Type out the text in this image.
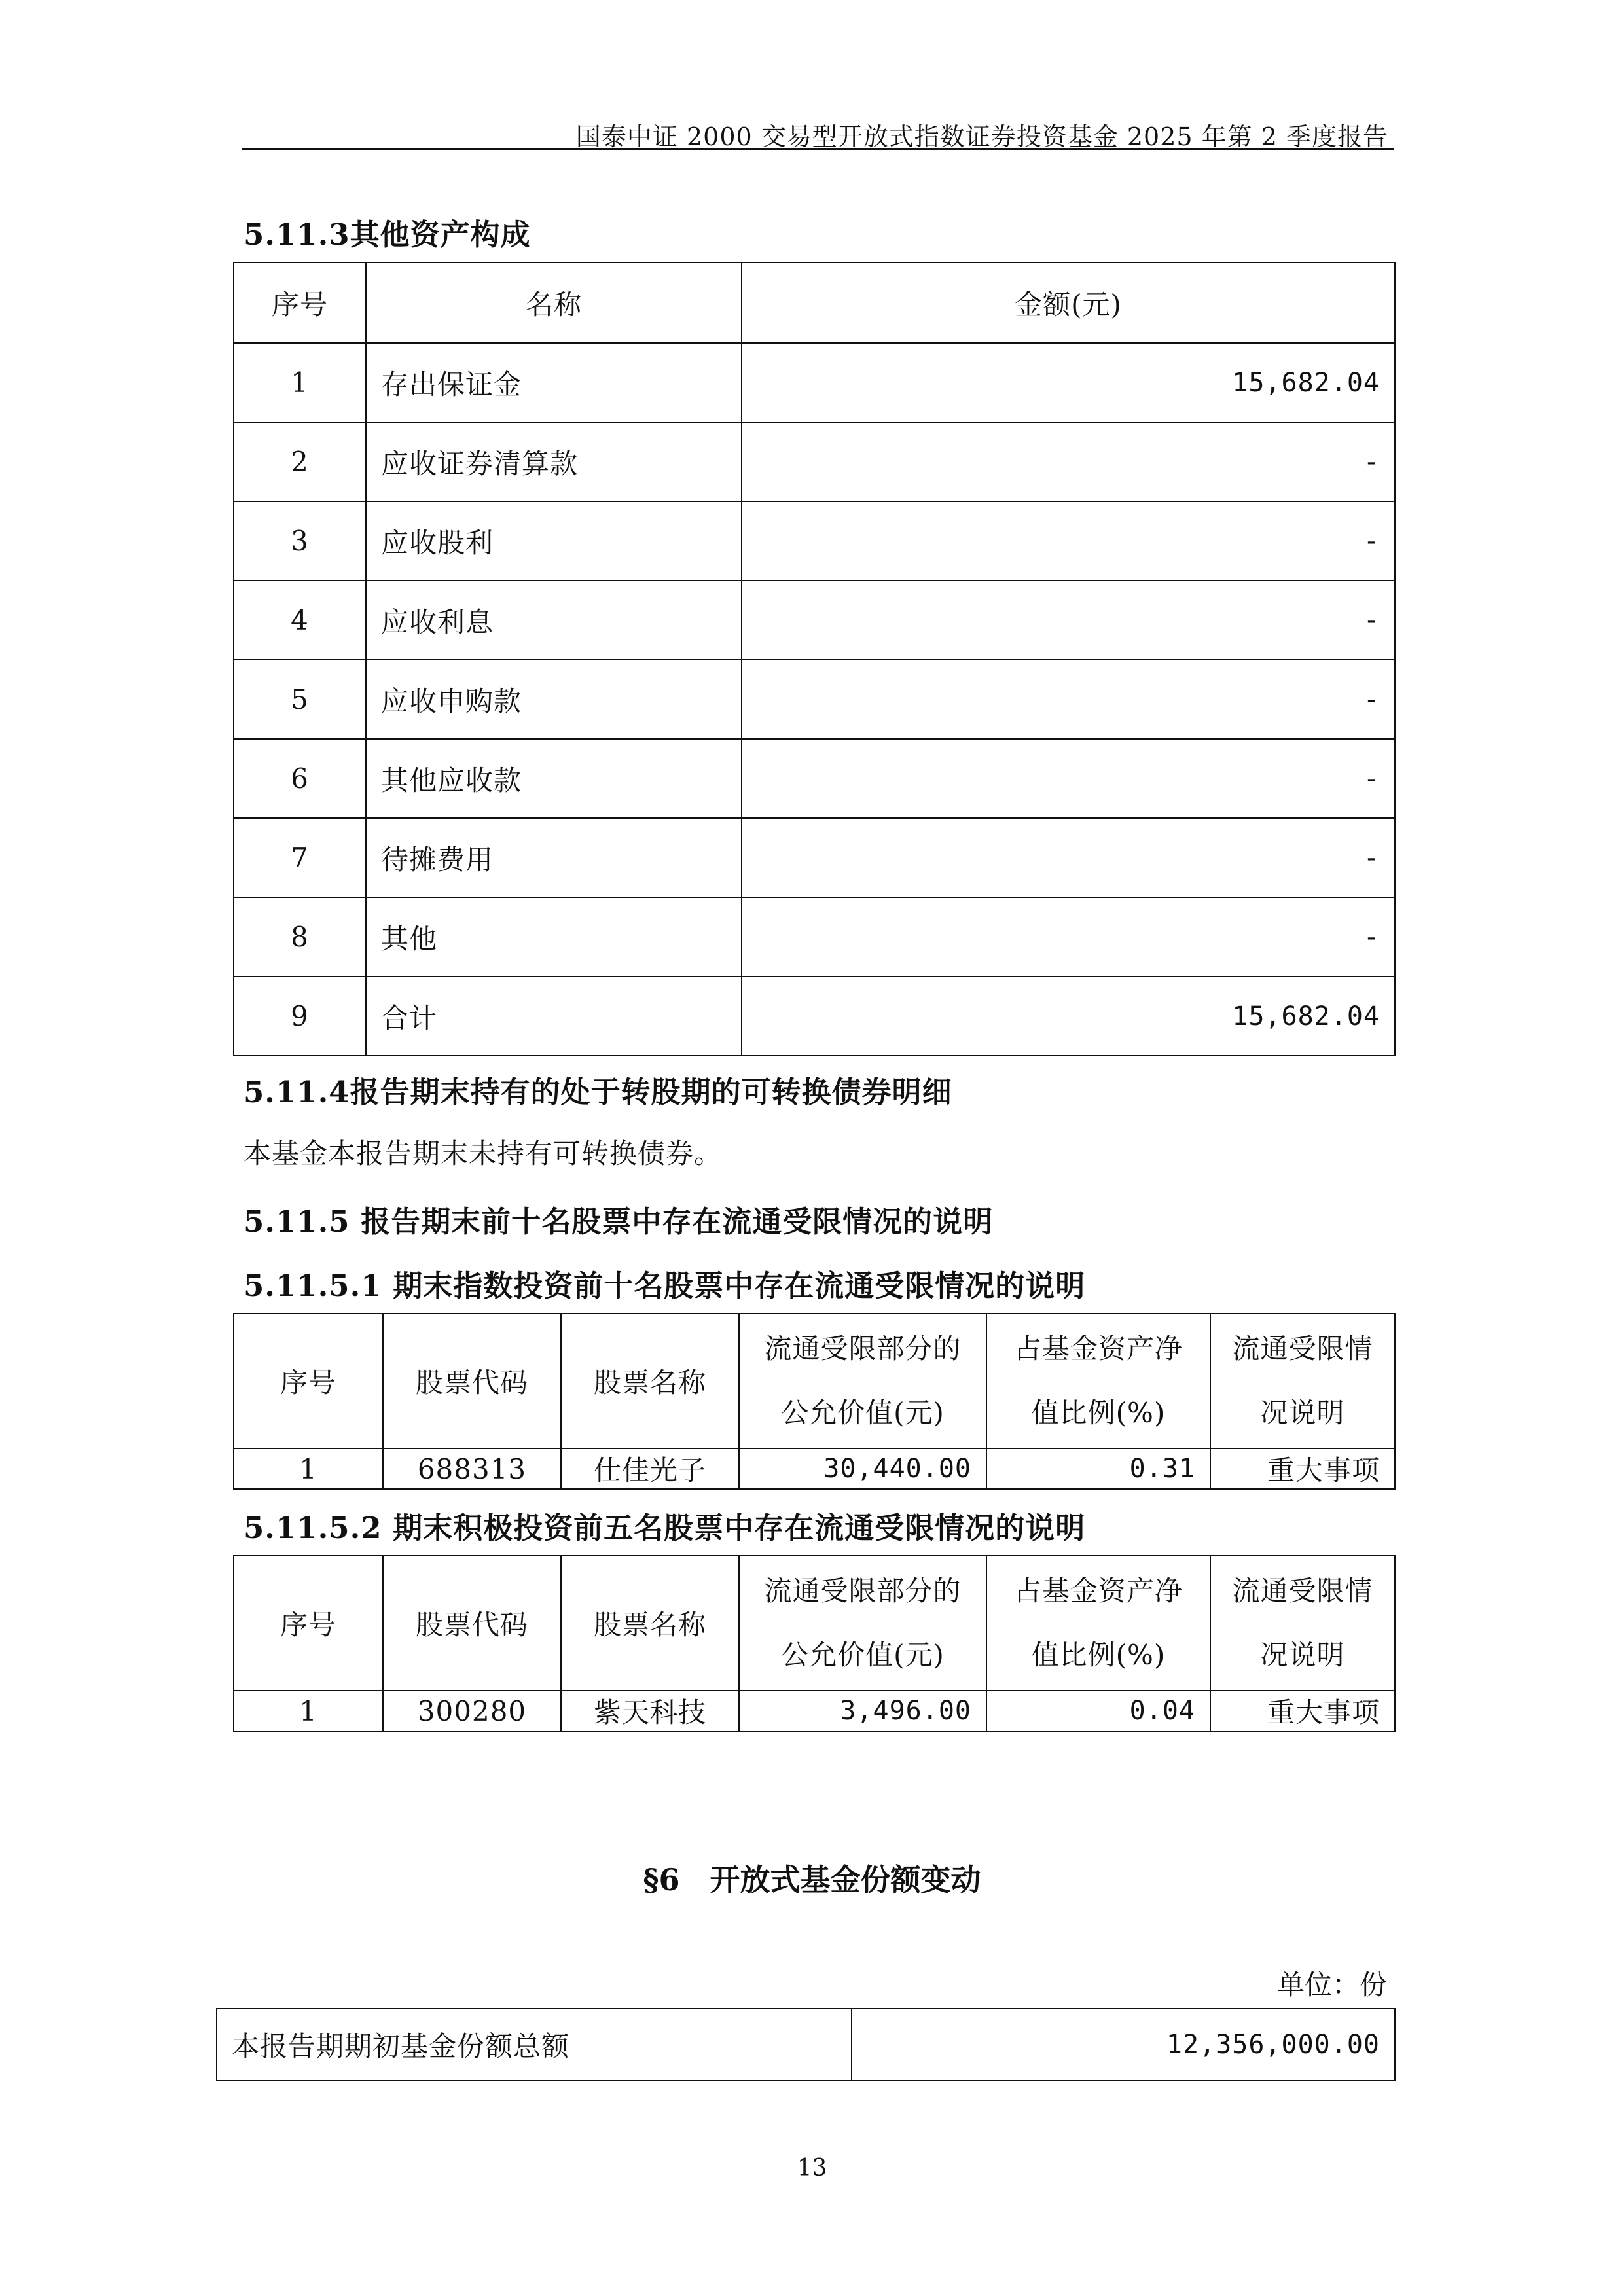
国泰中证 2000 交易型开放式指数证券投资基金 2025 年第 2 季度报告
5.11.3其他资产构成
序号	名称	金额(元)
1	存出保证金	15,682.04
2	应收证券清算款	-
3	应收股利	-
4	应收利息	-
5	应收申购款	-
6	其他应收款	-
7	待摊费用	-
8	其他	-
9	合计	15,682.04
5.11.4报告期末持有的处于转股期的可转换债券明细
本基金本报告期末未持有可转换债券。
5.11.5 报告期末前十名股票中存在流通受限情况的说明
5.11.5.1 期末指数投资前十名股票中存在流通受限情况的说明
序号	股票代码	股票名称	流通受限部分的公允价值(元)	占基金资产净值比例(%)	流通受限情况说明
1	688313	仕佳光子	30,440.00	0.31	重大事项
5.11.5.2 期末积极投资前五名股票中存在流通受限情况的说明
序号	股票代码	股票名称	流通受限部分的公允价值(元)	占基金资产净值比例(%)	流通受限情况说明
1	300280	紫天科技	3,496.00	0.04	重大事项
§6　开放式基金份额变动
单位：份
本报告期期初基金份额总额	12,356,000.00
13
